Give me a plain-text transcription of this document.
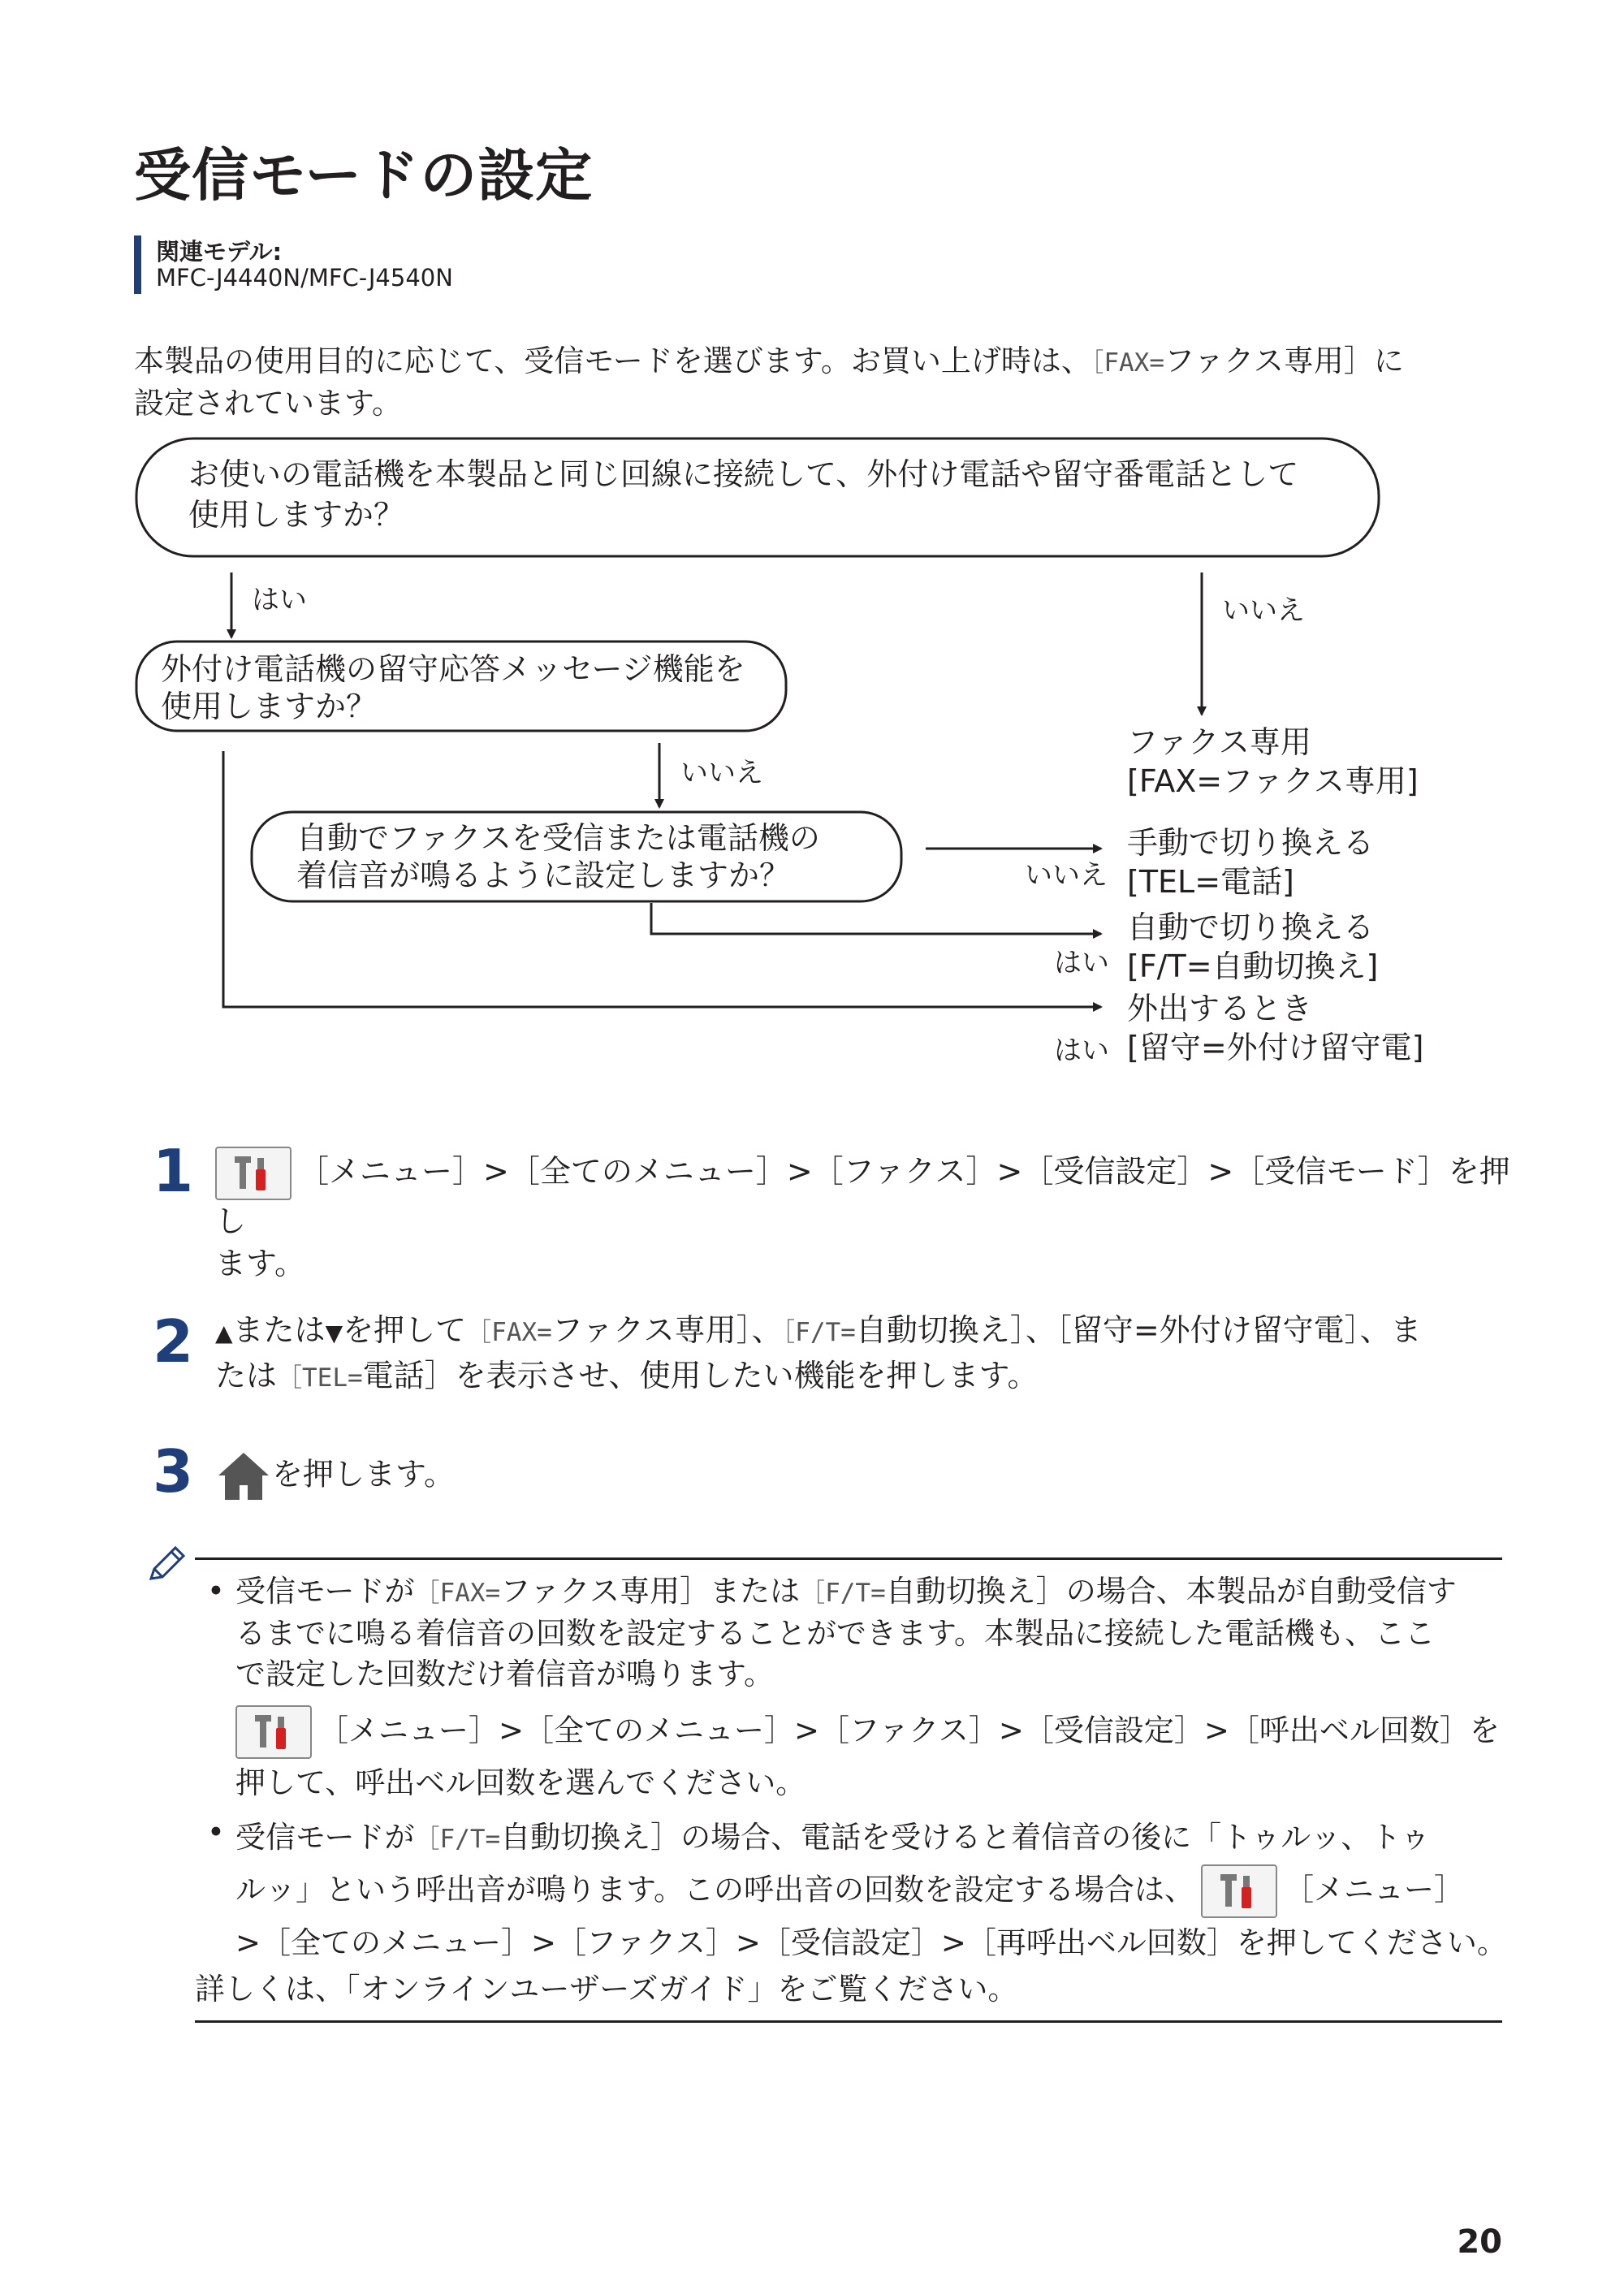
受信モードの設定
関連モデル:
MFC-J4440N/MFC-J4540N
本製品の使用目的に応じて、受信モードを選びます。お買い上げ時は、［FAX=ファクス専用］に
設定されています。
お使いの電話機を本製品と同じ回線に接続して、外付け電話や留守番電話として
使用しますか？
はい	いいえ
外付け電話機の留守応答メッセージ機能を
使用しますか？
いいえ
自動でファクスを受信または電話機の
着信音が鳴るように設定しますか？	いいえ
はい
はい
ファクス専用
[FAX=ファクス専用]
手動で切り換える
[TEL=電話]
自動で切り換える
[F/T=自動切換え]
外出するとき
[留守=外付け留守電]
1	［メニュー］>［全てのメニュー］>［ファクス］>［受信設定］>［受信モード］を押し
ます。
2 ▲または▼を押して［FAX=ファクス専用］、［F/T=自動切換え］、［留守=外付け留守電］、ま
たは［TEL=電話］を表示させ、使用したい機能を押します。
3	を押します。
• 受信モードが［FAX=ファクス専用］または［F/T=自動切換え］の場合、本製品が自動受信す
るまでに鳴る着信音の回数を設定することができます。本製品に接続した電話機も、ここ
で設定した回数だけ着信音が鳴ります。
［メニュー］>［全てのメニュー］>［ファクス］>［受信設定］>［呼出ベル回数］を
押して、呼出ベル回数を選んでください。
• 受信モードが［F/T=自動切換え］の場合、電話を受けると着信音の後に「トゥルッ、トゥ
ルッ」という呼出音が鳴ります。この呼出音の回数を設定する場合は、	［メニュー］
>［全てのメニュー］>［ファクス］>［受信設定］>［再呼出ベル回数］を押してください。
詳しくは、「オンラインユーザーズガイド」をご覧ください。
20
